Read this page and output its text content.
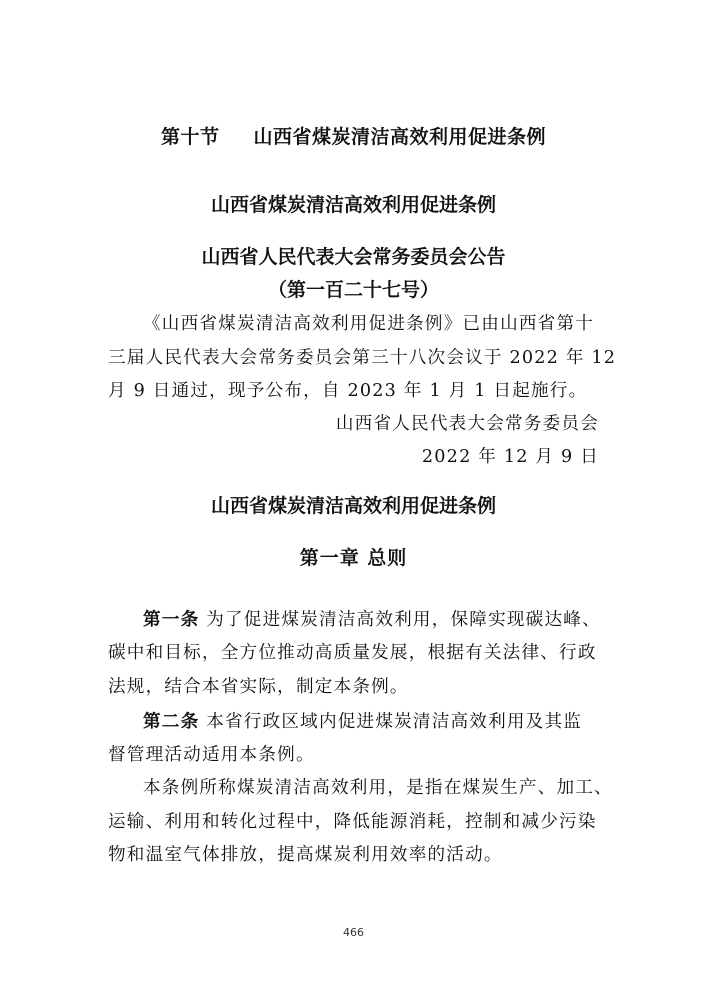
第十节 山西省煤炭清洁高效利用促进条例
山西省煤炭清洁高效利用促进条例
山西省人民代表大会常务委员会公告
（第一百二十七号）
《山西省煤炭清洁高效利用促进条例》已由山西省第十
三届人民代表大会常务委员会第三十八次会议于 2022 年 12
月 9 日通过，现予公布，自 2023 年 1 月 1 日起施行。
山西省人民代表大会常务委员会
2022 年 12 月 9 日
山西省煤炭清洁高效利用促进条例
第一章 总则
第一条 为了促进煤炭清洁高效利用，保障实现碳达峰、
碳中和目标，全方位推动高质量发展，根据有关法律、行政
法规，结合本省实际，制定本条例。
第二条 本省行政区域内促进煤炭清洁高效利用及其监
督管理活动适用本条例。
本条例所称煤炭清洁高效利用，是指在煤炭生产、加工、
运输、利用和转化过程中，降低能源消耗，控制和减少污染
物和温室气体排放，提高煤炭利用效率的活动。
466
